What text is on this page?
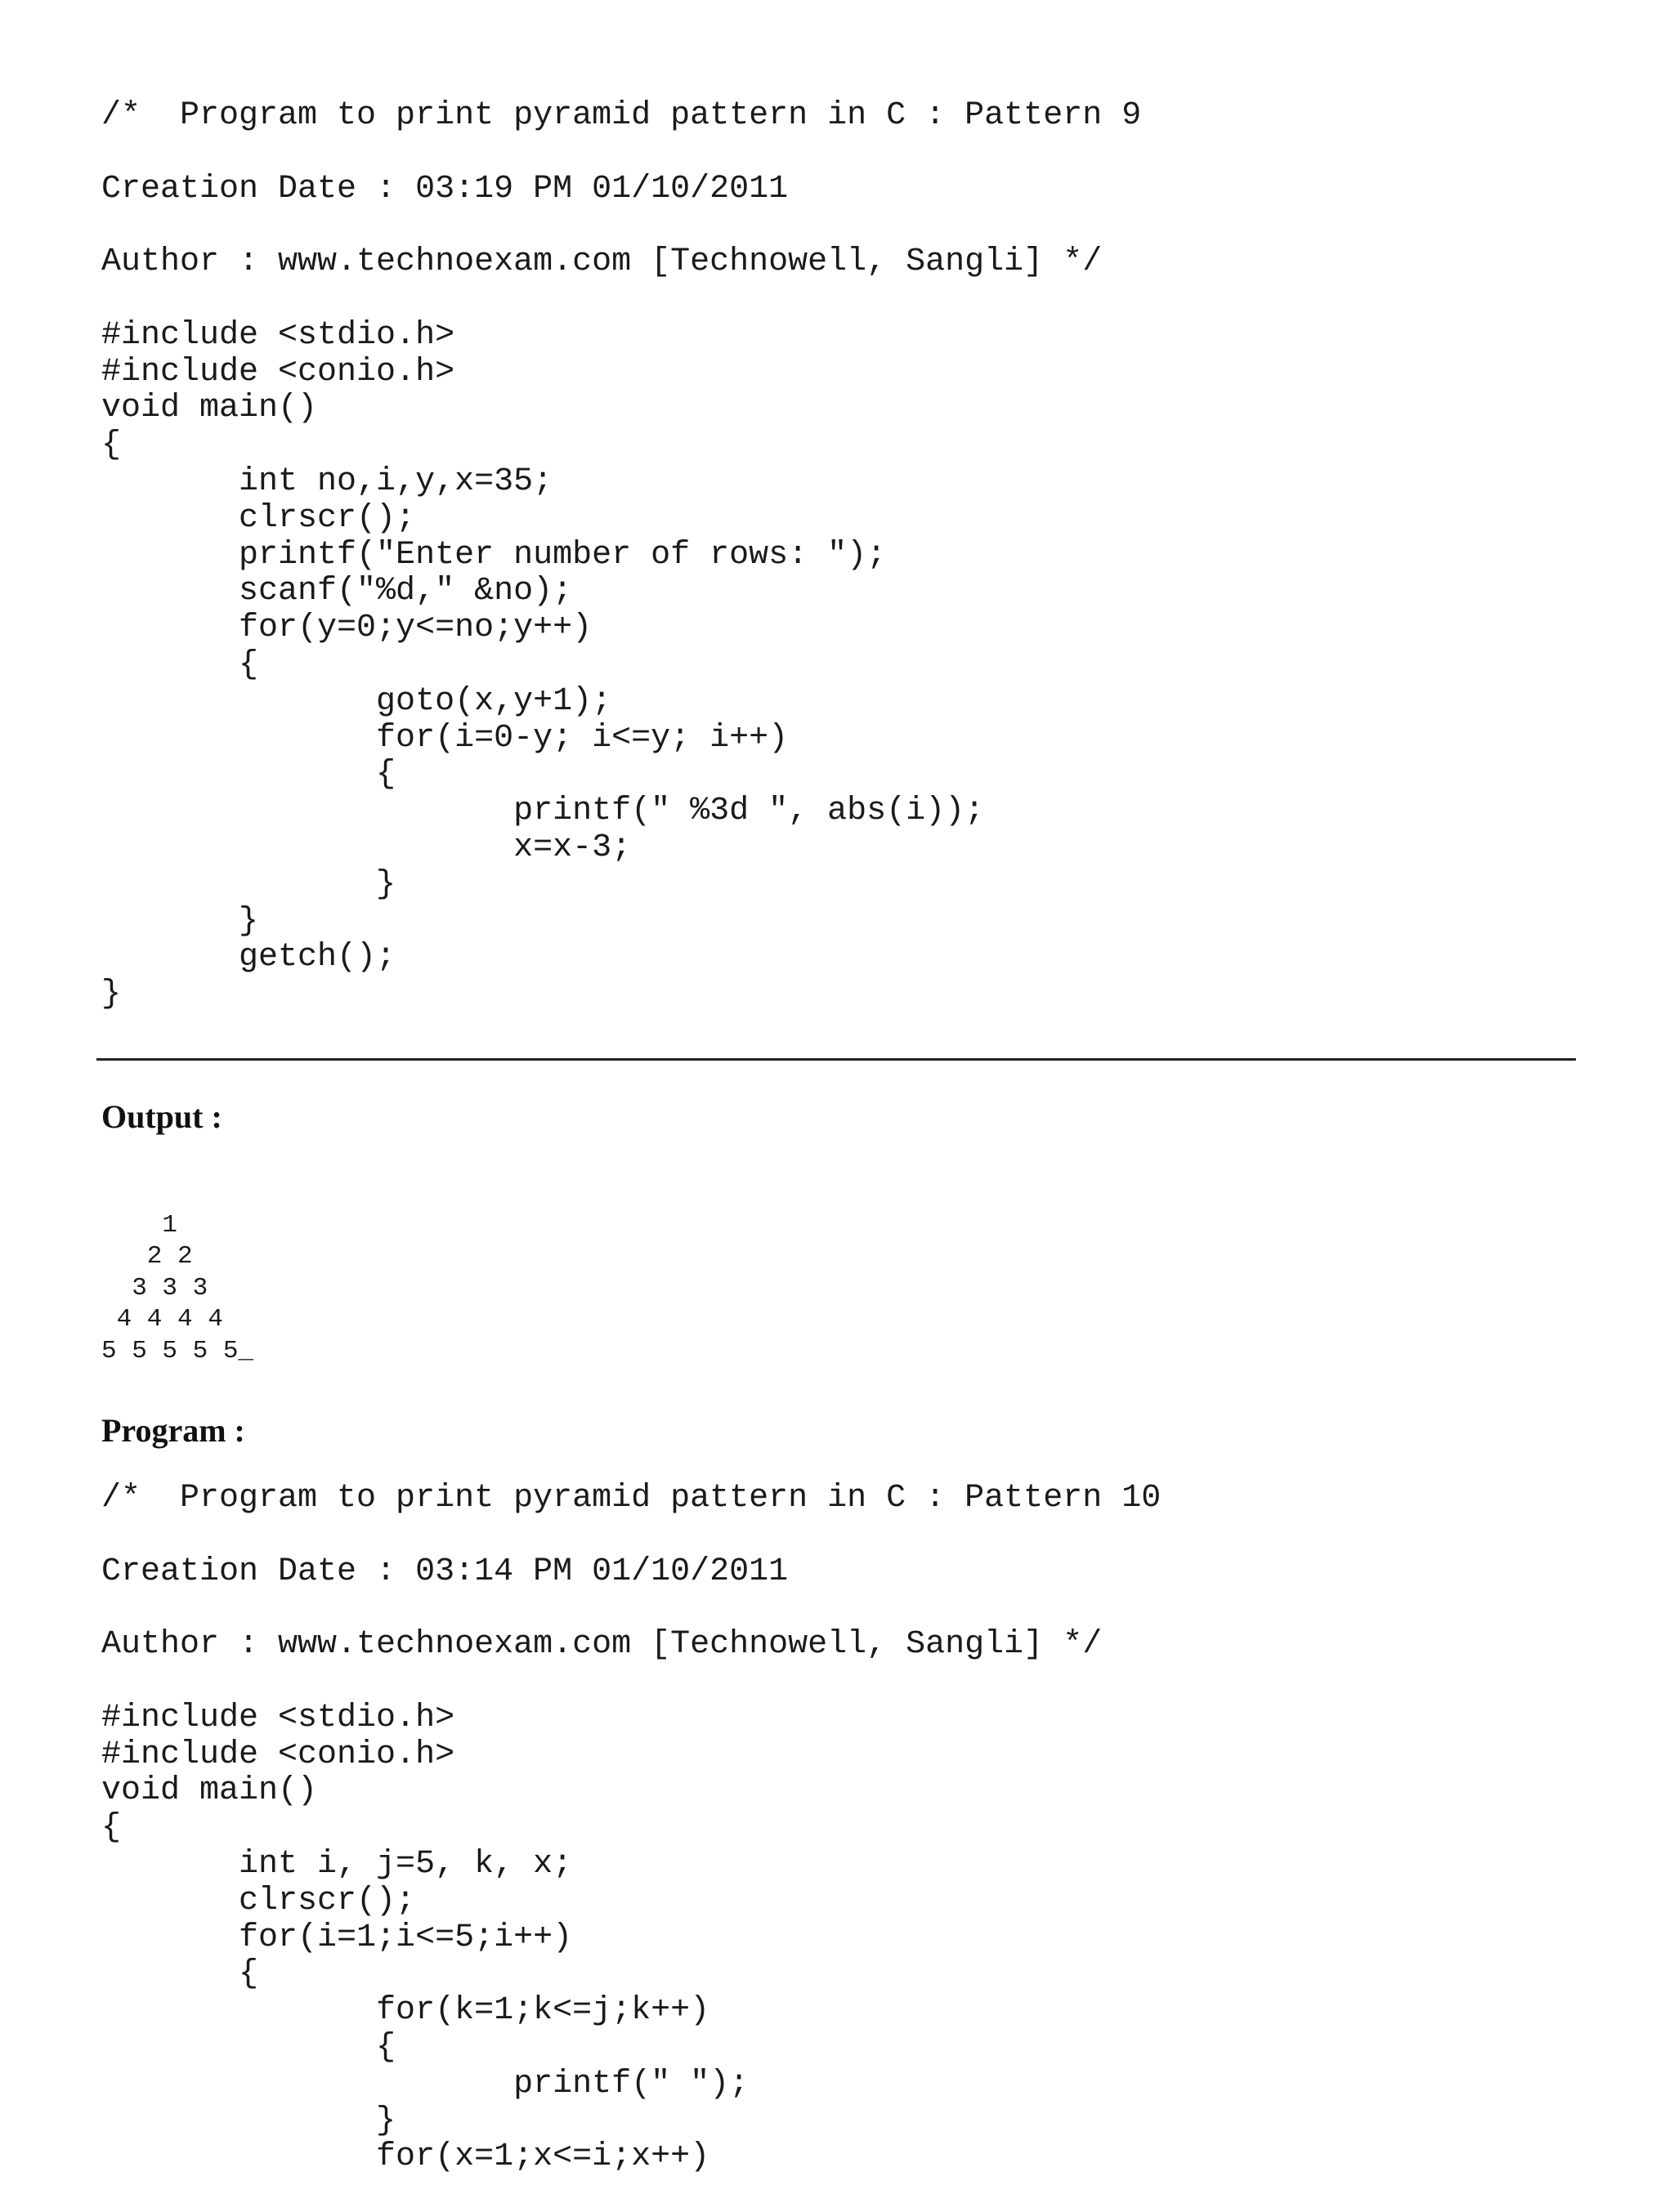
/*  Program to print pyramid pattern in C : Pattern 9
Creation Date : 03:19 PM 01/10/2011
Author : www.technoexam.com [Technowell, Sangli] */
#include <stdio.h>
#include <conio.h>
void main()
{
int no,i,y,x=35;
clrscr();
printf("Enter number of rows: ");
scanf("%d," &no);
for(y=0;y<=no;y++)
{
goto(x,y+1);
for(i=0-y; i<=y; i++)
{
printf(" %3d ", abs(i));
x=x-3;
}
}
getch();
}
Output :
1
2 2
3 3 3
4 4 4 4
5 5 5 5 5_
Program :
/*  Program to print pyramid pattern in C : Pattern 10
Creation Date : 03:14 PM 01/10/2011
Author : www.technoexam.com [Technowell, Sangli] */
#include <stdio.h>
#include <conio.h>
void main()
{
int i, j=5, k, x;
clrscr();
for(i=1;i<=5;i++)
{
for(k=1;k<=j;k++)
{
printf(" ");
}
for(x=1;x<=i;x++)
